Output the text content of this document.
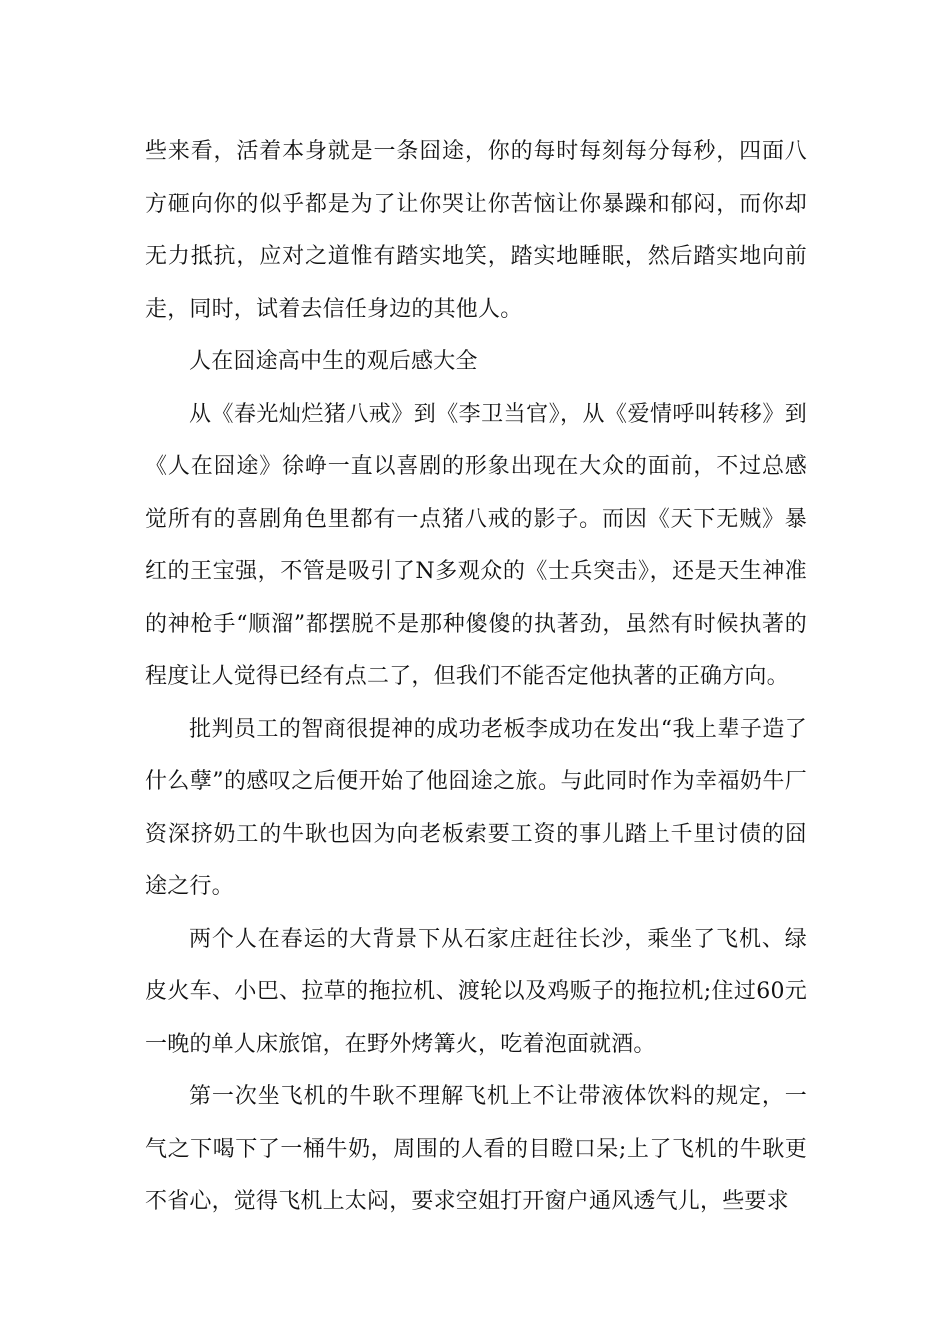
些来看，活着本身就是一条囧途，你的每时每刻每分每秒，四面八方砸向你的似乎都是为了让你哭让你苦恼让你暴躁和郁闷，而你却无力抵抗，应对之道惟有踏实地笑，踏实地睡眠，然后踏实地向前走，同时，试着去信任身边的其他人。

人在囧途高中生的观后感大全

从《春光灿烂猪八戒》到《李卫当官》，从《爱情呼叫转移》到《人在囧途》徐峥一直以喜剧的形象出现在大众的面前，不过总感觉所有的喜剧角色里都有一点猪八戒的影子。而因《天下无贼》暴红的王宝强，不管是吸引了N多观众的《士兵突击》，还是天生神准的神枪手“顺溜”都摆脱不是那种傻傻的执著劲，虽然有时候执著的程度让人觉得已经有点二了，但我们不能否定他执著的正确方向。

批判员工的智商很提神的成功老板李成功在发出“我上辈子造了什么孽”的感叹之后便开始了他囧途之旅。与此同时作为幸福奶牛厂资深挤奶工的牛耿也因为向老板索要工资的事儿踏上千里讨债的囧途之行。

两个人在春运的大背景下从石家庄赶往长沙，乘坐了飞机、绿皮火车、小巴、拉草的拖拉机、渡轮以及鸡贩子的拖拉机;住过60元一晚的单人床旅馆，在野外烤篝火，吃着泡面就酒。

第一次坐飞机的牛耿不理解飞机上不让带液体饮料的规定，一气之下喝下了一桶牛奶，周围的人看的目瞪口呆;上了飞机的牛耿更不省心，觉得飞机上太闷，要求空姐打开窗户通风透气儿，些要求
